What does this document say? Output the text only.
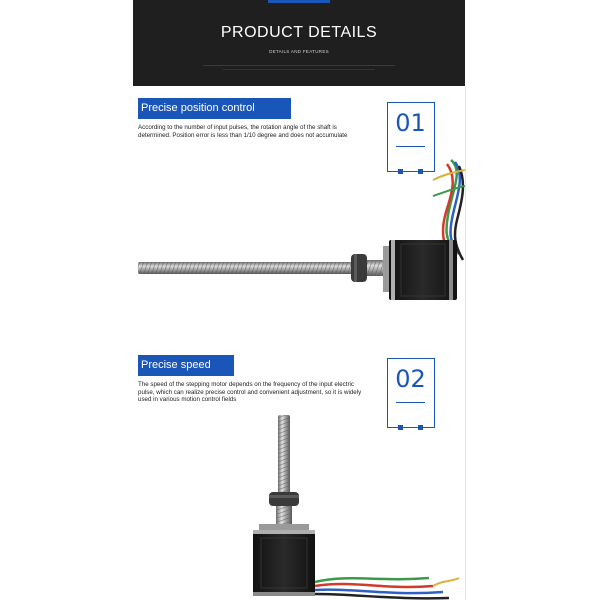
PRODUCT DETAILS
DETAILS AND FEATURES
Precise position control
According to the number of input pulses, the rotation angle of the shaft is determined. Position error is less than 1/10 degree and does not accumulate	01
Precise speed
The speed of the stepping motor depends on the frequency of the input electric pulse, which can realize precise control and convenient adjustment, so it is widely used in various motion control fields
02
